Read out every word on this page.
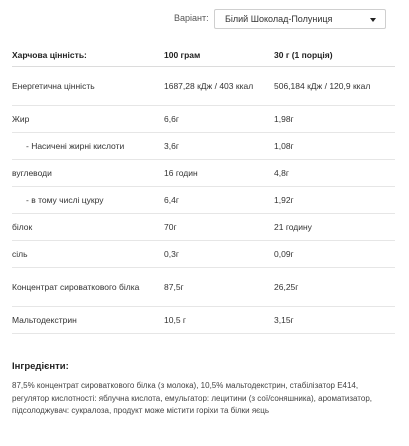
Варіант: Білий Шоколад-Полуниця
Харчова цінність:	100 грам	30 г (1 порція)
Енергетична цінність	1687,28 кДж / 403 ккал	506,184 кДж / 120,9 ккал
Жир	6,6г	1,98г
- Насичені жирні кислоти	3,6г	1,08г
вуглеводи	16 годин	4,8г
- в тому числі цукру	6,4г	1,92г
білок	70г	21 годину
сіль	0,3г	0,09г
Концентрат сироваткового білка	87,5г	26,25г
Мальтодекстрин	10,5 г	3,15г
Інгредієнти:
87,5% концентрат сироваткового білка (з молока), 10,5% мальтодекстрин, стабілізатор Е414, регулятор кислотності: яблучна кислота, емульгатор: лецитини (з сої/соняшника), ароматизатор, підсолоджувач: сукралоза, продукт може містити горіхи та білки яєць
